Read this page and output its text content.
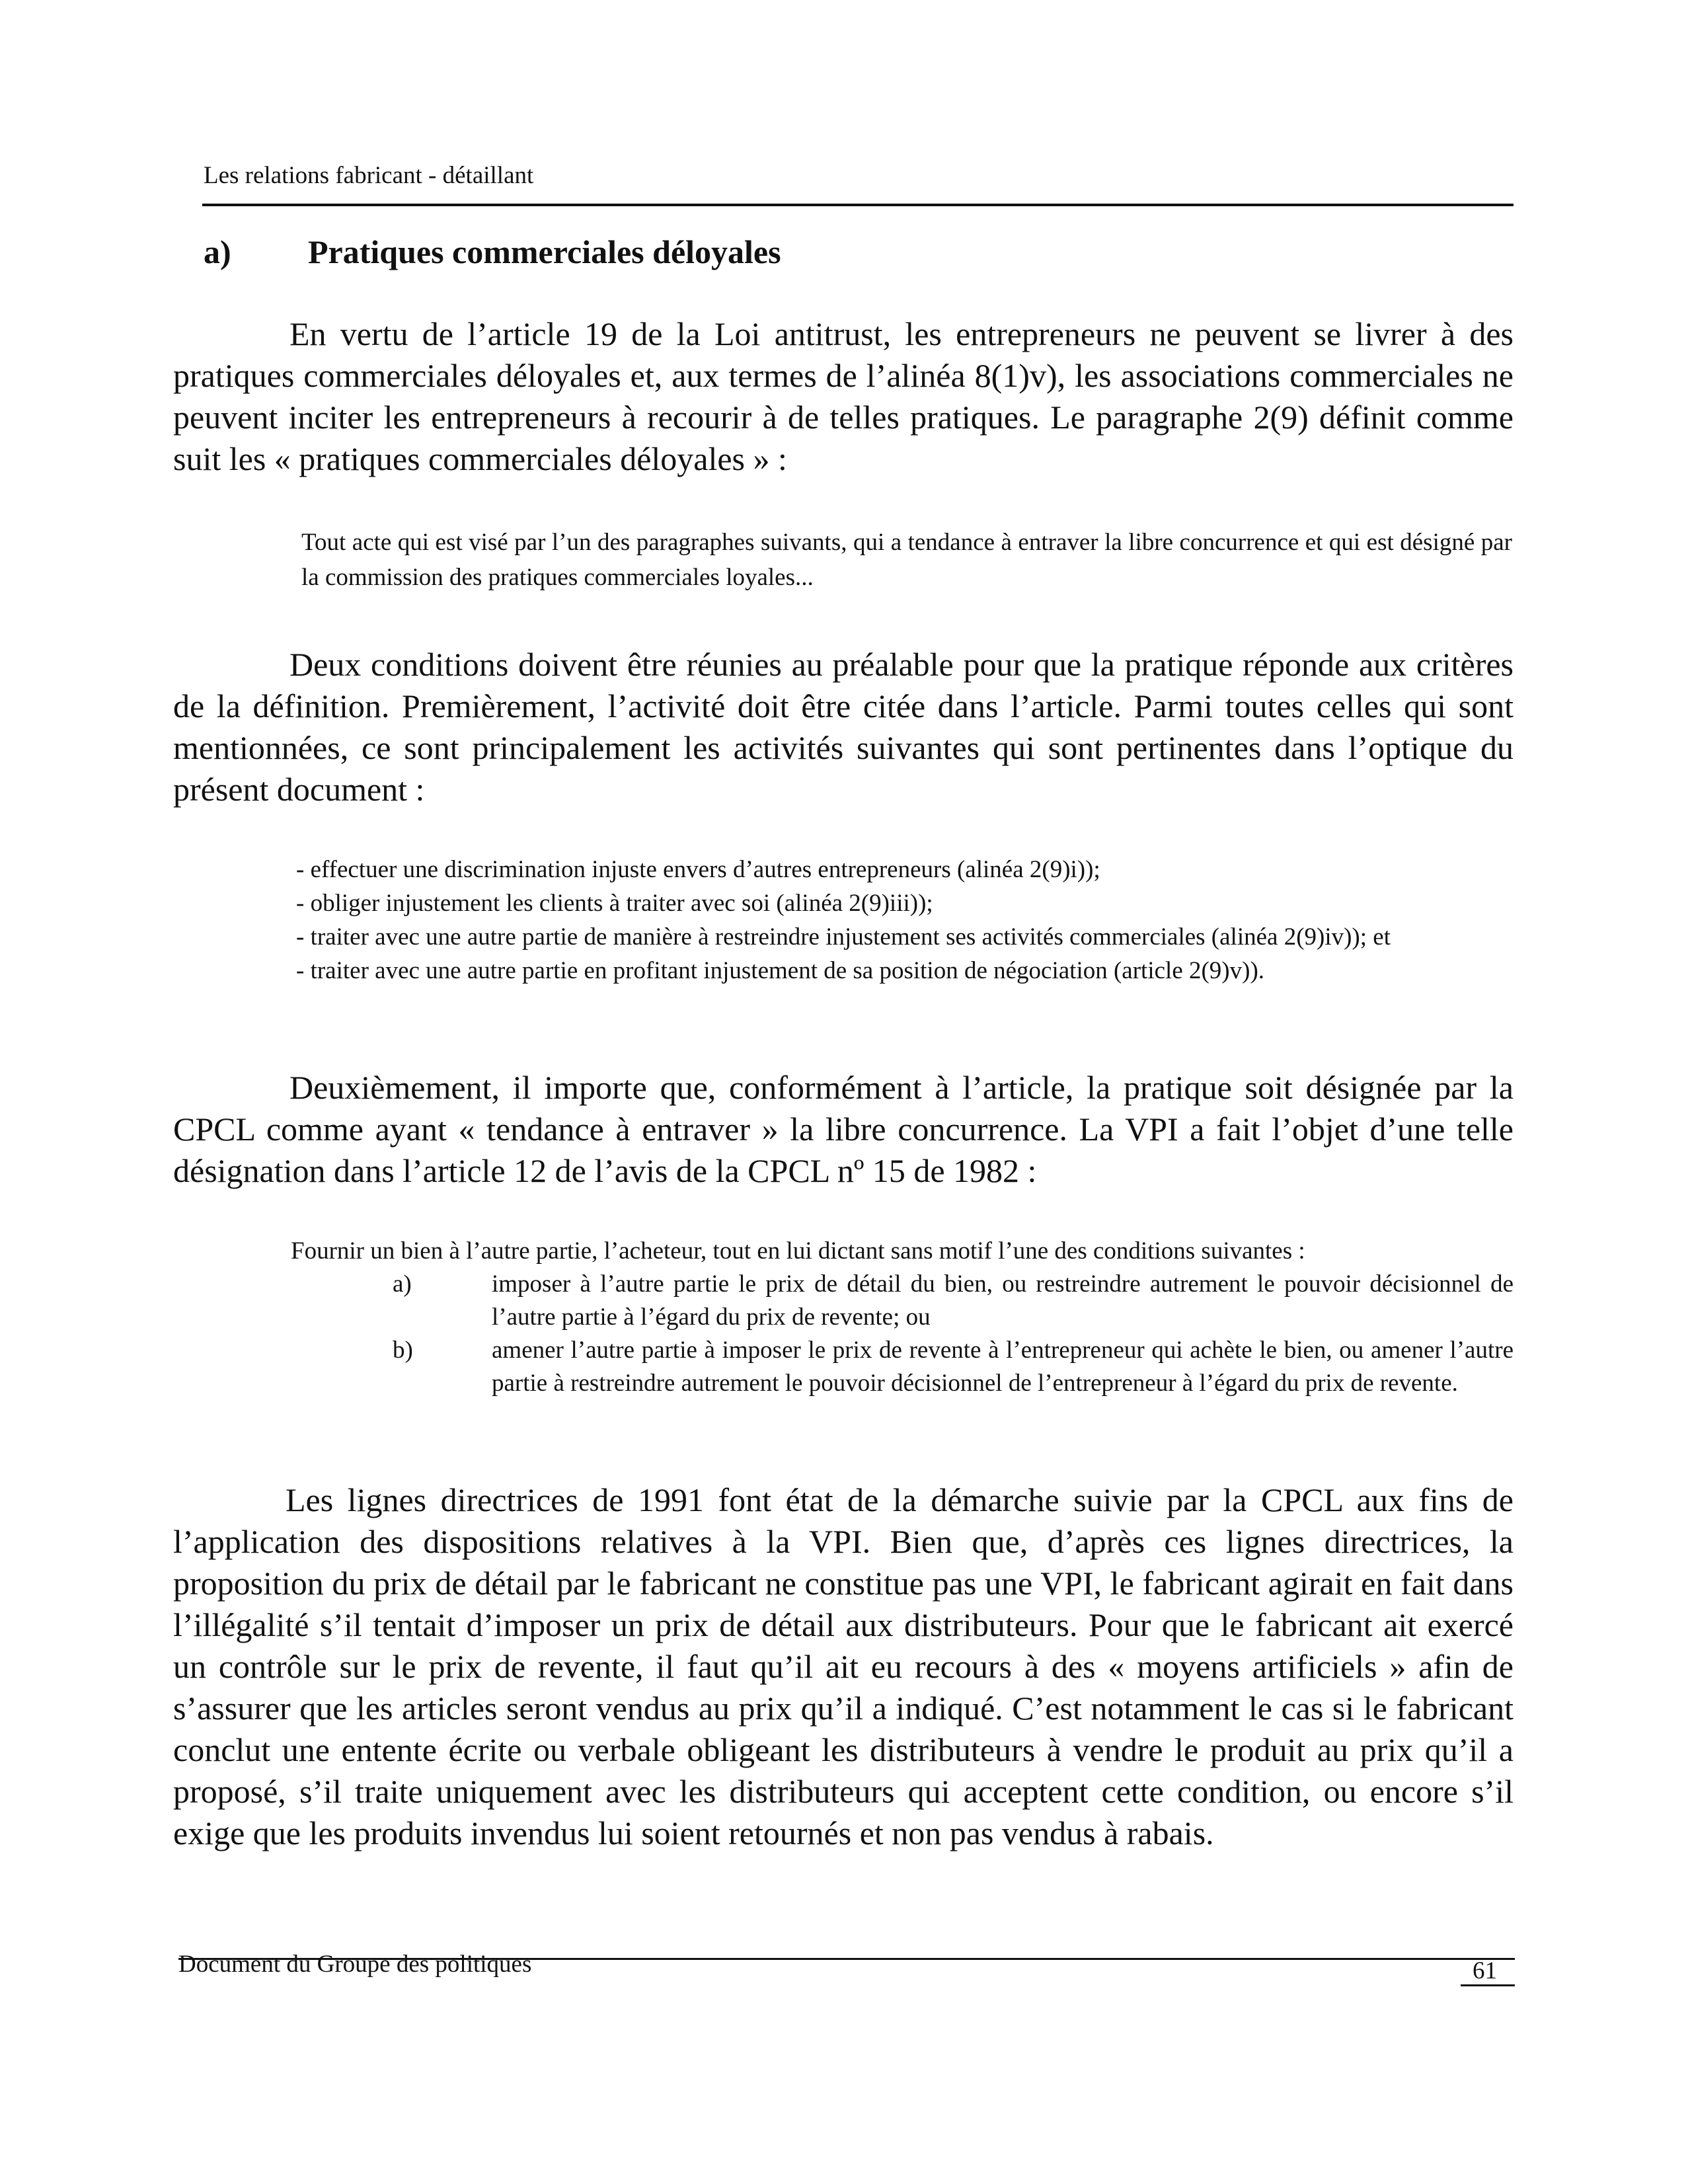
Les relations fabricant - détaillant
a) Pratiques commerciales déloyales

En vertu de l’article 19 de la Loi antitrust, les entrepreneurs ne peuvent se livrer à des pratiques commerciales déloyales et, aux termes de l’alinéa 8(1)v), les associations commerciales ne peuvent inciter les entrepreneurs à recourir à de telles pratiques. Le paragraphe 2(9) définit comme suit les « pratiques commerciales déloyales » :

Tout acte qui est visé par l’un des paragraphes suivants, qui a tendance à entraver la libre concurrence et qui est désigné par la commission des pratiques commerciales loyales...

Deux conditions doivent être réunies au préalable pour que la pratique réponde aux critères de la définition. Premièrement, l’activité doit être citée dans l’article. Parmi toutes celles qui sont mentionnées, ce sont principalement les activités suivantes qui sont pertinentes dans l’optique du présent document :

- effectuer une discrimination injuste envers d’autres entrepreneurs (alinéa 2(9)i));
- obliger injustement les clients à traiter avec soi (alinéa 2(9)iii));
- traiter avec une autre partie de manière à restreindre injustement ses activités commerciales (alinéa 2(9)iv)); et
- traiter avec une autre partie en profitant injustement de sa position de négociation (article 2(9)v)).

Deuxièmement, il importe que, conformément à l’article, la pratique soit désignée par la CPCL comme ayant « tendance à entraver » la libre concurrence. La VPI a fait l’objet d’une telle désignation dans l’article 12 de l’avis de la CPCL nº 15 de 1982 :

Fournir un bien à l’autre partie, l’acheteur, tout en lui dictant sans motif l’une des conditions suivantes :
a)	imposer à l’autre partie le prix de détail du bien, ou restreindre autrement le pouvoir décisionnel de l’autre partie à l’égard du prix de revente; ou
b)	amener l’autre partie à imposer le prix de revente à l’entrepreneur qui achète le bien, ou amener l’autre partie à restreindre autrement le pouvoir décisionnel de l’entrepreneur à l’égard du prix de revente.

Les lignes directrices de 1991 font état de la démarche suivie par la CPCL aux fins de l’application des dispositions relatives à la VPI. Bien que, d’après ces lignes directrices, la proposition du prix de détail par le fabricant ne constitue pas une VPI, le fabricant agirait en fait dans l’illégalité s’il tentait d’imposer un prix de détail aux distributeurs. Pour que le fabricant ait exercé un contrôle sur le prix de revente, il faut qu’il ait eu recours à des « moyens artificiels » afin de s’assurer que les articles seront vendus au prix qu’il a indiqué. C’est notamment le cas si le fabricant conclut une entente écrite ou verbale obligeant les distributeurs à vendre le produit au prix qu’il a proposé, s’il traite uniquement avec les distributeurs qui acceptent cette condition, ou encore s’il exige que les produits invendus lui soient retournés et non pas vendus à rabais.

Document du Groupe des politiques	61
